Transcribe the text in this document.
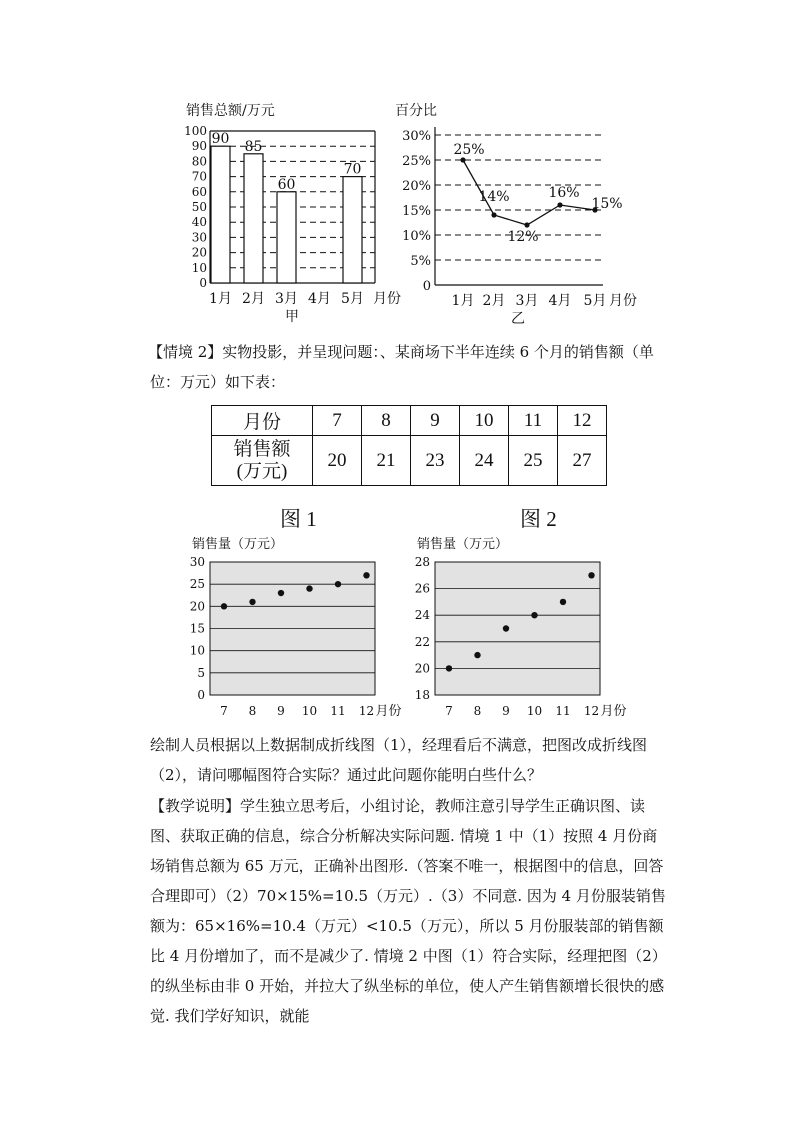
销售总额/万元
0
10
20
30
40
50
60
70
80
90
100
90
1月
85
2月
60
3月 4月
70
5月 月份
甲
百分比
0
5%
10%
15%
20%
25%
30%
25%
1月
14%
2月
12%
3月
16%
4月
15%
5月 月份
乙

【情境 2】实物投影，并呈现问题：、某商场下半年连续 6 个月的销售额（单位：万元）如下表：

月份	7	8	9	10	11	12

销售额
(万元)	20	21	23	24	25	27
图 1	图 2
销售量（万元）
0
5
10
15
20
25
30
7 8 9 10 11 12 月份
销售量（万元）
18
20
22
24
26
28
7 8 9 10 11 12 月份

绘制人员根据以上数据制成折线图（1），经理看后不满意，把图改成折线图（2），请问哪幅图符合实际？通过此问题你能明白些什么？

【教学说明】学生独立思考后，小组讨论，教师注意引导学生正确识图、读图、获取正确的信息，综合分析解决实际问题. 情境 1 中（1）按照 4 月份商场销售总额为 65 万元，正确补出图形.（答案不唯一，根据图中的信息，回答合理即可）（2）70×15%=10.5（万元）.（3）不同意. 因为 4 月份服装销售额为：65×16%=10.4（万元）<10.5（万元），所以 5 月份服装部的销售额比 4 月份增加了，而不是减少了. 情境 2 中图（1）符合实际，经理把图（2）的纵坐标由非 0 开始，并拉大了纵坐标的单位，使人产生销售额增长很快的感觉. 我们学好知识，就能
